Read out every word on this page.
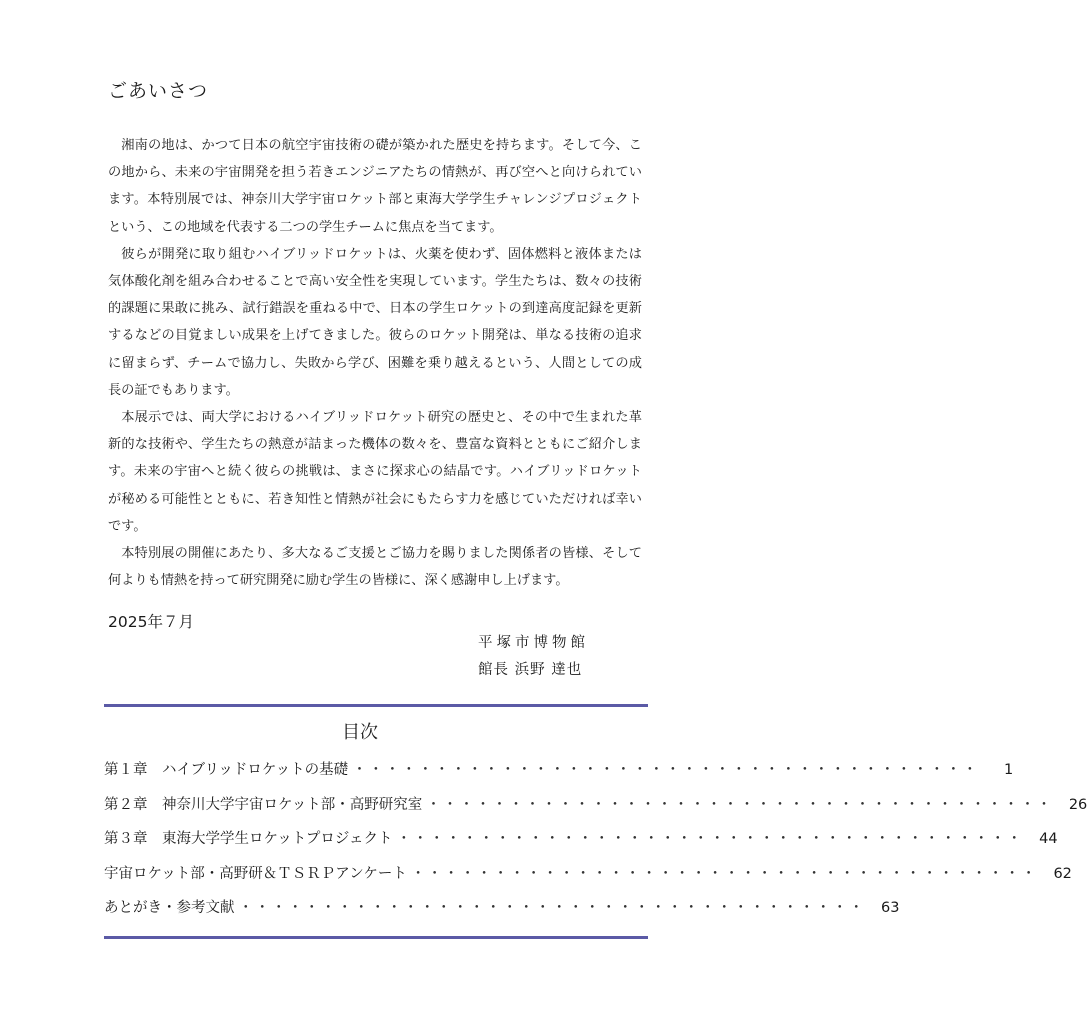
ごあいさつ

湘南の地は、かつて日本の航空宇宙技術の礎が築かれた歴史を持ちます。そして今、この地から、未来の宇宙開発を担う若きエンジニアたちの情熱が、再び空へと向けられています。本特別展では、神奈川大学宇宙ロケット部と東海大学学生チャレンジプロジェクトという、この地域を代表する二つの学生チームに焦点を当てます。

彼らが開発に取り組むハイブリッドロケットは、火薬を使わず、固体燃料と液体または気体酸化剤を組み合わせることで高い安全性を実現しています。学生たちは、数々の技術的課題に果敢に挑み、試行錯誤を重ねる中で、日本の学生ロケットの到達高度記録を更新するなどの目覚ましい成果を上げてきました。彼らのロケット開発は、単なる技術の追求に留まらず、チームで協力し、失敗から学び、困難を乗り越えるという、人間としての成長の証でもあります。

本展示では、両大学におけるハイブリッドロケット研究の歴史と、その中で生まれた革新的な技術や、学生たちの熱意が詰まった機体の数々を、豊富な資料とともにご紹介します。未来の宇宙へと続く彼らの挑戦は、まさに探求心の結晶です。ハイブリッドロケットが秘める可能性とともに、若き知性と情熱が社会にもたらす力を感じていただければ幸いです。

本特別展の開催にあたり、多大なるご支援とご協力を賜りました関係者の皆様、そして何よりも情熱を持って研究開発に励む学生の皆様に、深く感謝申し上げます。

2025年７月
平塚市博物館
館長 浜野 達也
目次
第１章　ハイブリッドロケットの基礎 ・・・・・・・・・・・・・・・・・・・・・・・・・・・・・・・・・・・・・・	1
第２章　神奈川大学宇宙ロケット部・高野研究室 ・・・・・・・・・・・・・・・・・・・・・・・・・・・・・・・・・・・・・・	26
第３章　東海大学学生ロケットプロジェクト ・・・・・・・・・・・・・・・・・・・・・・・・・・・・・・・・・・・・・・	44
宇宙ロケット部・高野研＆ＴＳＲＰアンケート ・・・・・・・・・・・・・・・・・・・・・・・・・・・・・・・・・・・・・・	62
あとがき・参考文献 ・・・・・・・・・・・・・・・・・・・・・・・・・・・・・・・・・・・・・・	63
